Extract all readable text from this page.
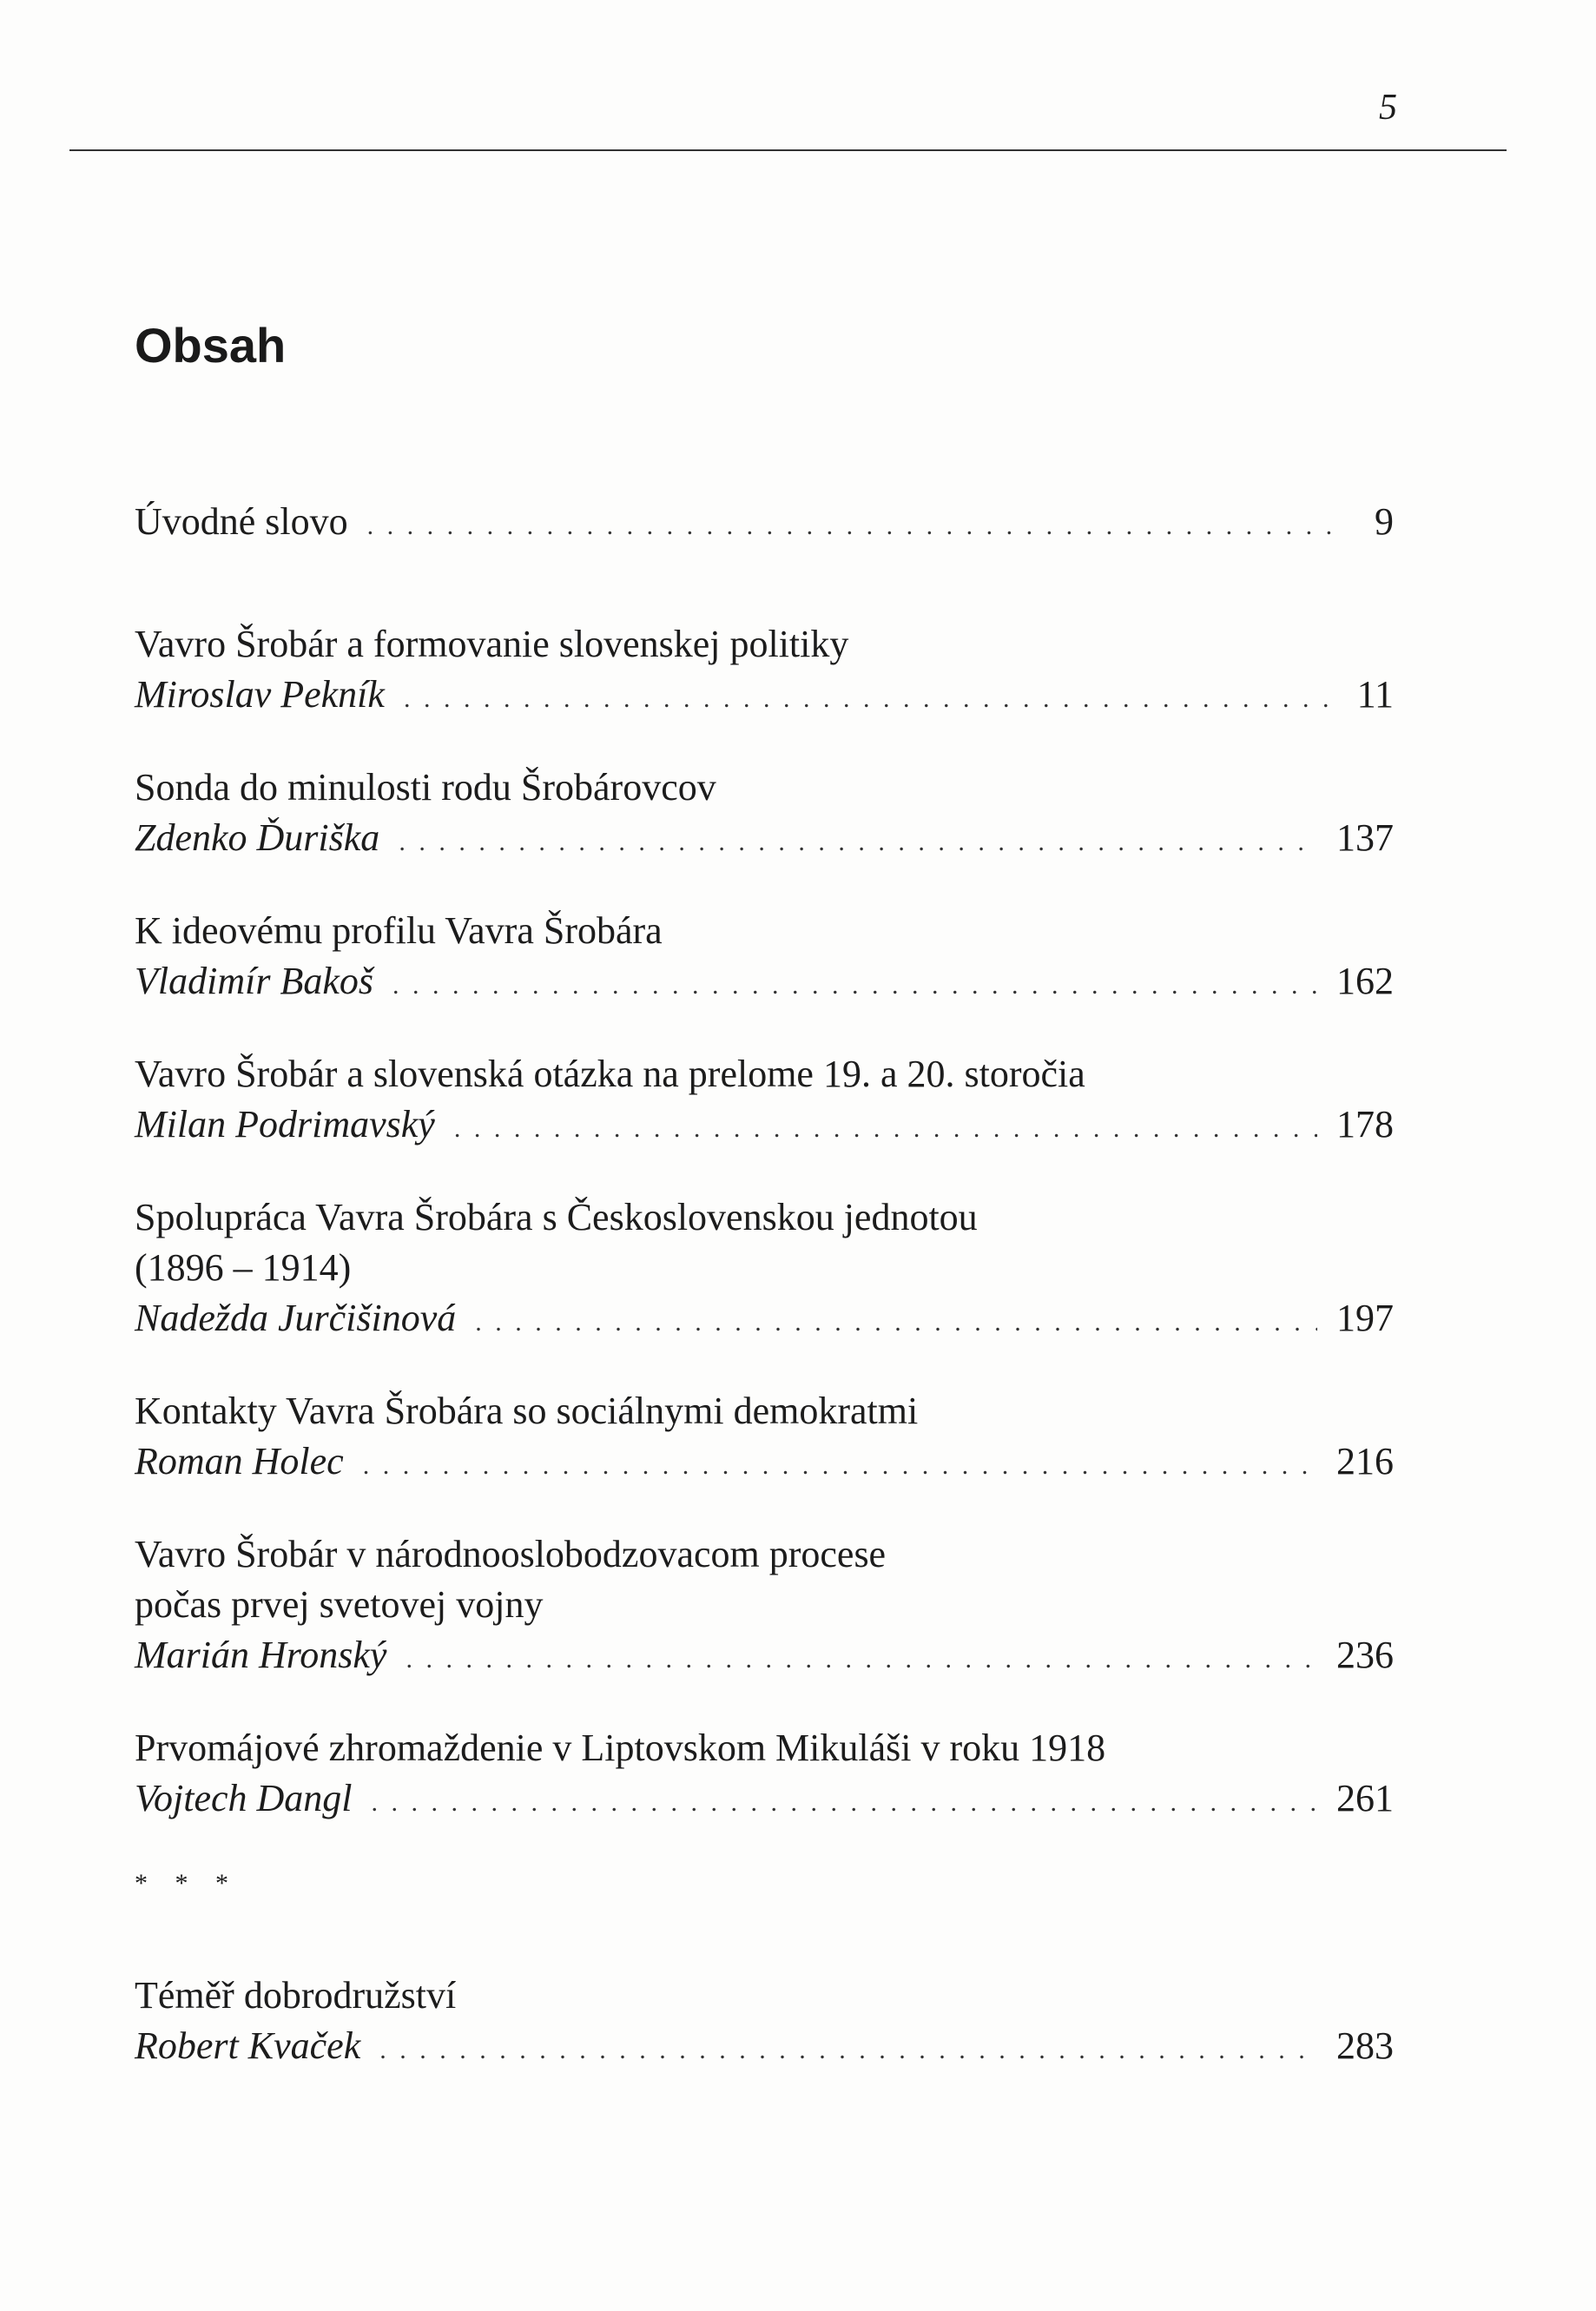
5
Obsah
Úvodné slovo . . .	9
Vavro Šrobár a formovanie slovenskej politiky
Miroslav Pekník . . .	11
Sonda do minulosti rodu Šrobárovcov
Zdenko Ďuriška . . .	137
K ideovému profilu Vavra Šrobára
Vladimír Bakoš . . .	162
Vavro Šrobár a slovenská otázka na prelome 19. a 20. storočia
Milan Podrimavský . . .	178
Spolupráca Vavra Šrobára s Československou jednotou
(1896 – 1914)
Nadežda Jurčišinová . . .	197
Kontakty Vavra Šrobára so sociálnymi demokratmi
Roman Holec . . .	216
Vavro Šrobár v národnooslobodzovacom procese
počas prvej svetovej vojny
Marián Hronský . . .	236
Prvomájové zhromaždenie v Liptovskom Mikuláši v roku 1918
Vojtech Dangl . . .	261
* * *
Téměř dobrodružství
Robert Kvaček . . .	283
